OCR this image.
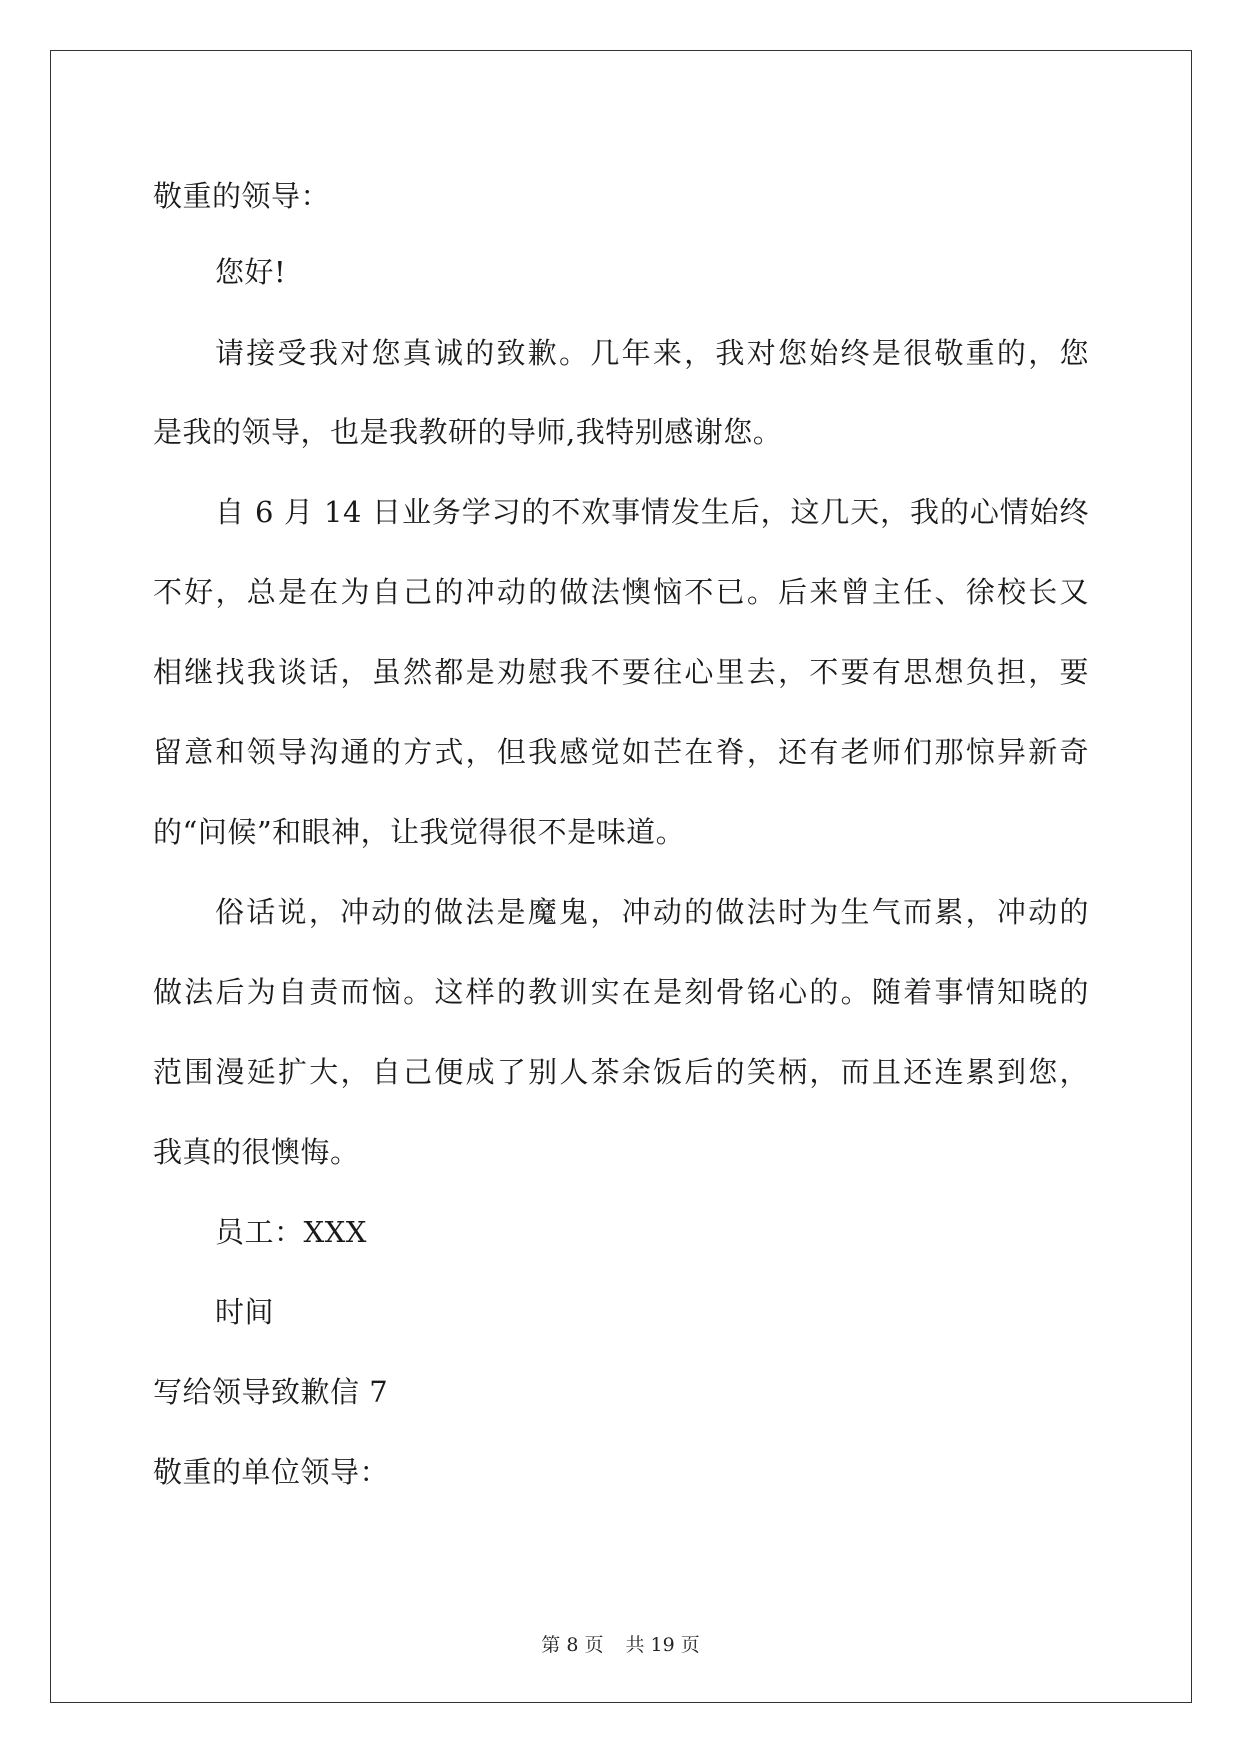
敬重的领导：
您好!
请接受我对您真诚的致歉。几年来，我对您始终是很敬重的，您
是我的领导，也是我教研的导师,我特别感谢您。
自 6 月 14 日业务学习的不欢事情发生后，这几天，我的心情始终
不好，总是在为自己的冲动的做法懊恼不已。后来曾主任、徐校长又
相继找我谈话，虽然都是劝慰我不要往心里去，不要有思想负担，要
留意和领导沟通的方式，但我感觉如芒在脊，还有老师们那惊异新奇
的“问候”和眼神，让我觉得很不是味道。
俗话说，冲动的做法是魔鬼，冲动的做法时为生气而累，冲动的
做法后为自责而恼。这样的教训实在是刻骨铭心的。随着事情知晓的
范围漫延扩大，自己便成了别人茶余饭后的笑柄，而且还连累到您，
我真的很懊悔。
员工：XXX
时间
写给领导致歉信 7
敬重的单位领导：
第 8 页 共 19 页
